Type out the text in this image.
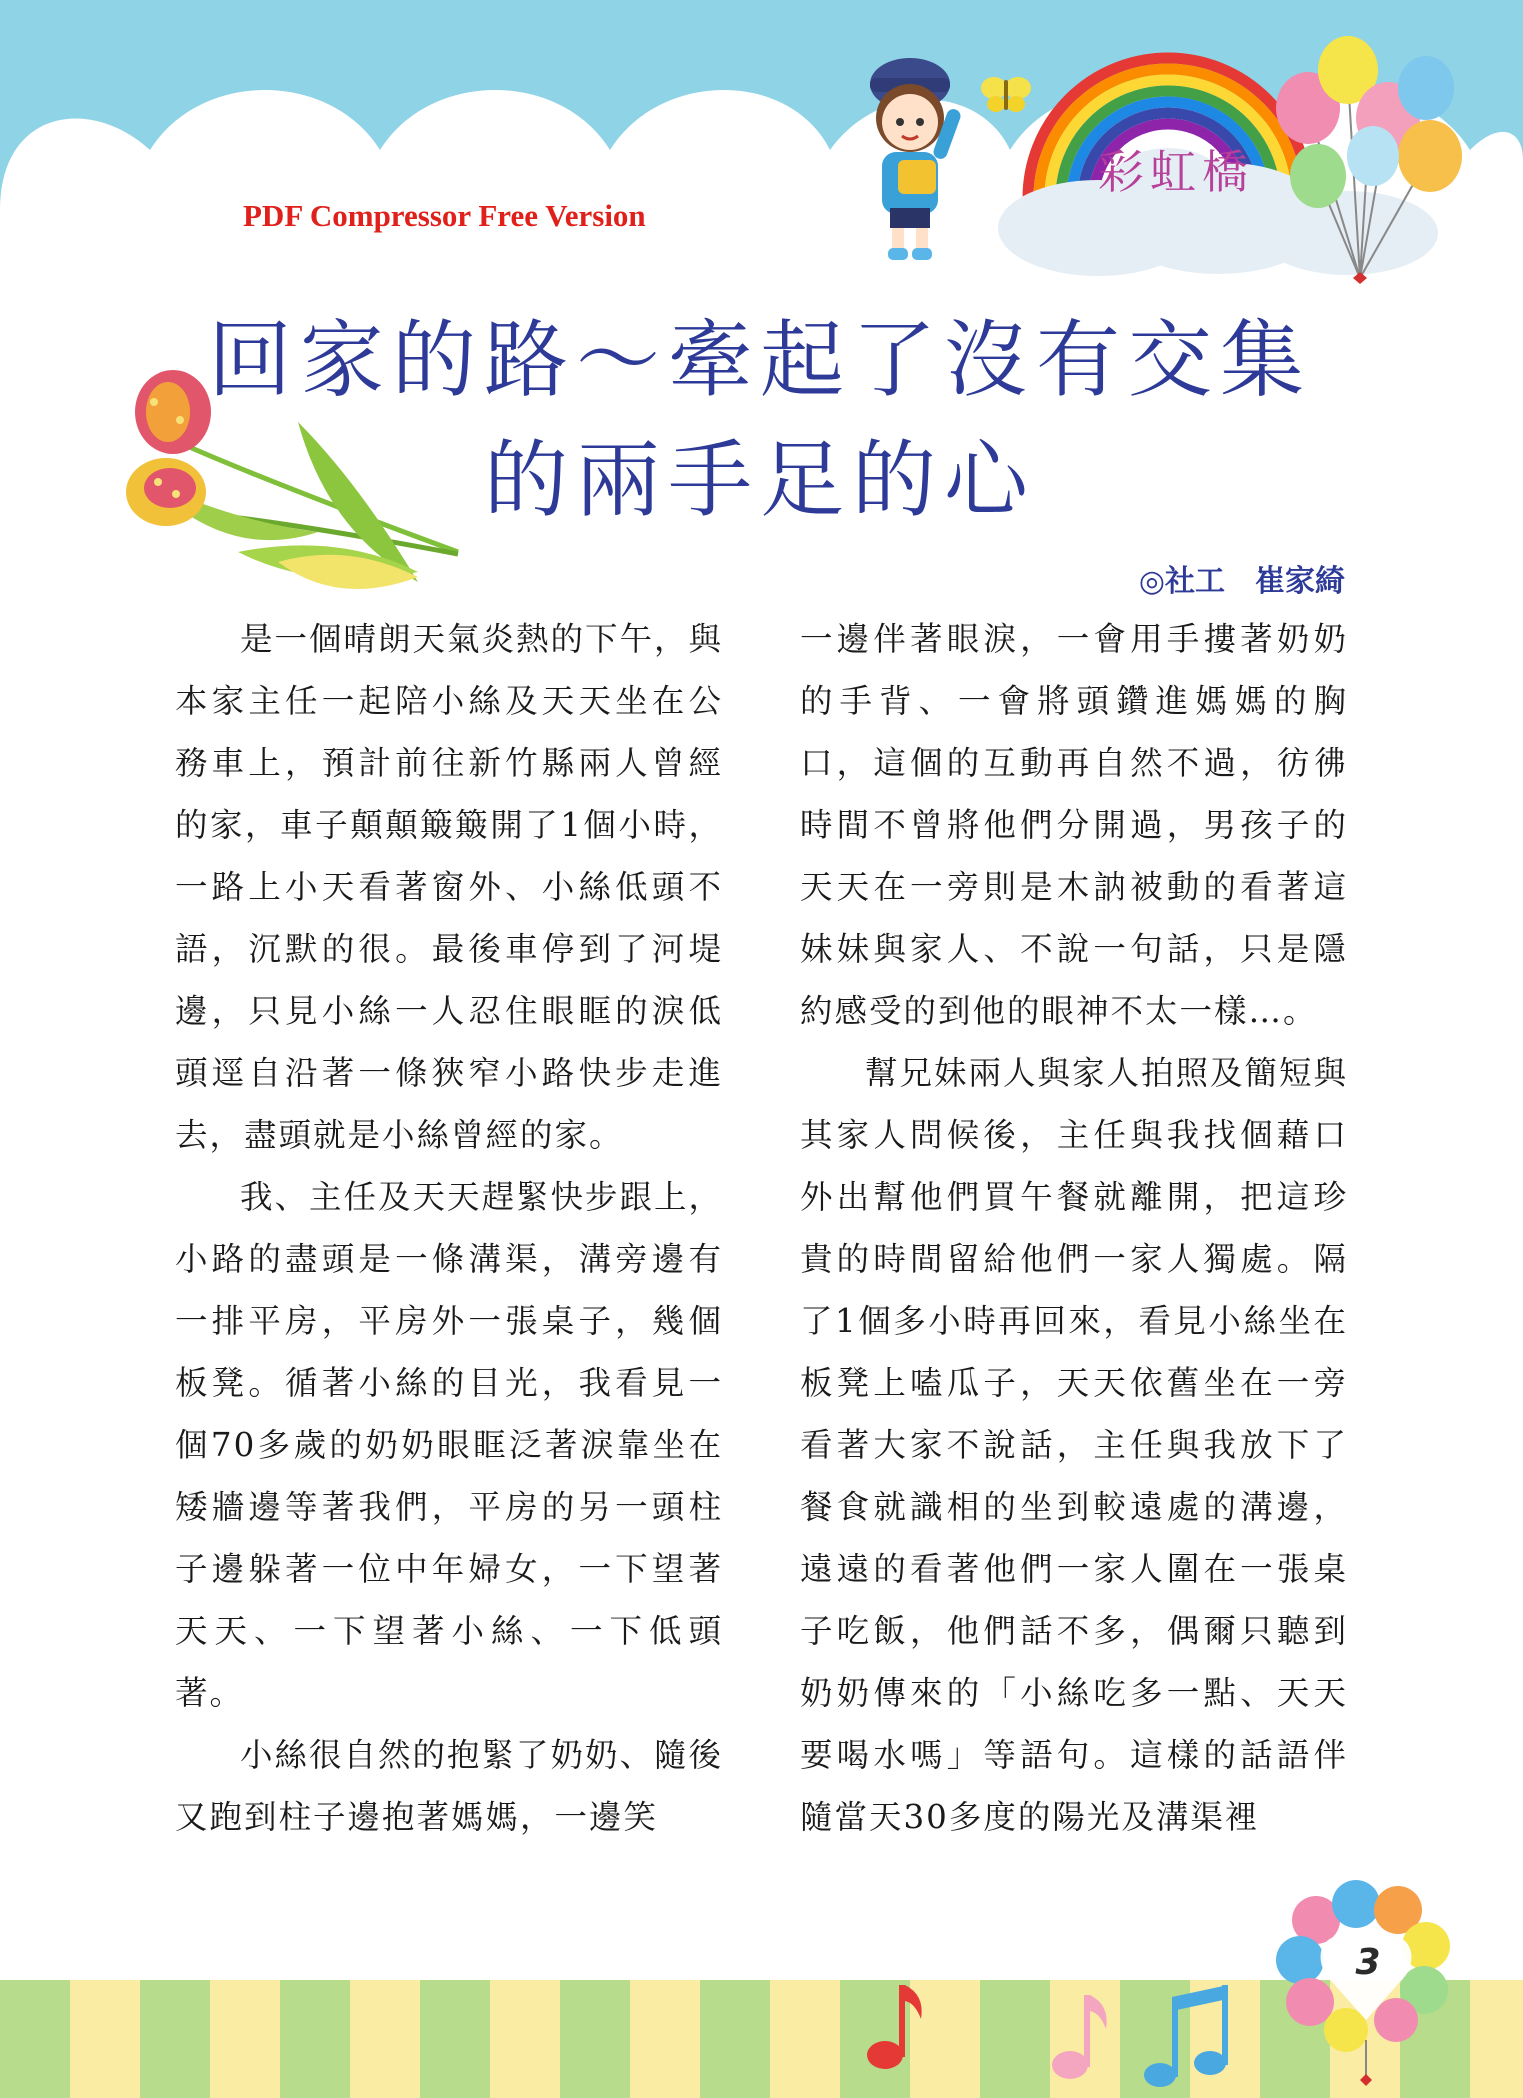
PDF Compressor Free Version
彩虹橋
回家的路～牽起了沒有交集
的兩手足的心
◎社工　崔家綺

是一個晴朗天氣炎熱的下午，與本家主任一起陪小絲及天天坐在公務車上，預計前往新竹縣兩人曾經的家，車子顛顛簸簸開了1個小時，一路上小天看著窗外、小絲低頭不語，沉默的很。最後車停到了河堤邊，只見小絲一人忍住眼眶的淚低頭逕自沿著一條狹窄小路快步走進去，盡頭就是小絲曾經的家。

我、主任及天天趕緊快步跟上，小路的盡頭是一條溝渠，溝旁邊有一排平房，平房外一張桌子，幾個板凳。循著小絲的目光，我看見一個70多歲的奶奶眼眶泛著淚靠坐在矮牆邊等著我們，平房的另一頭柱子邊躲著一位中年婦女，一下望著天天、一下望著小絲、一下低頭著。

小絲很自然的抱緊了奶奶、隨後又跑到柱子邊抱著媽媽，一邊笑

一邊伴著眼淚，一會用手摟著奶奶的手背、一會將頭鑽進媽媽的胸口，這個的互動再自然不過，彷彿時間不曾將他們分開過，男孩子的天天在一旁則是木訥被動的看著這妹妹與家人、不說一句話，只是隱約感受的到他的眼神不太一樣…。

幫兄妹兩人與家人拍照及簡短與其家人問候後，主任與我找個藉口外出幫他們買午餐就離開，把這珍貴的時間留給他們一家人獨處。隔了1個多小時再回來，看見小絲坐在板凳上嗑瓜子，天天依舊坐在一旁看著大家不說話，主任與我放下了餐食就識相的坐到較遠處的溝邊，遠遠的看著他們一家人圍在一張桌子吃飯，他們話不多，偶爾只聽到奶奶傳來的「小絲吃多一點、天天要喝水嗎」等語句。這樣的話語伴隨當天30多度的陽光及溝渠裡

3
